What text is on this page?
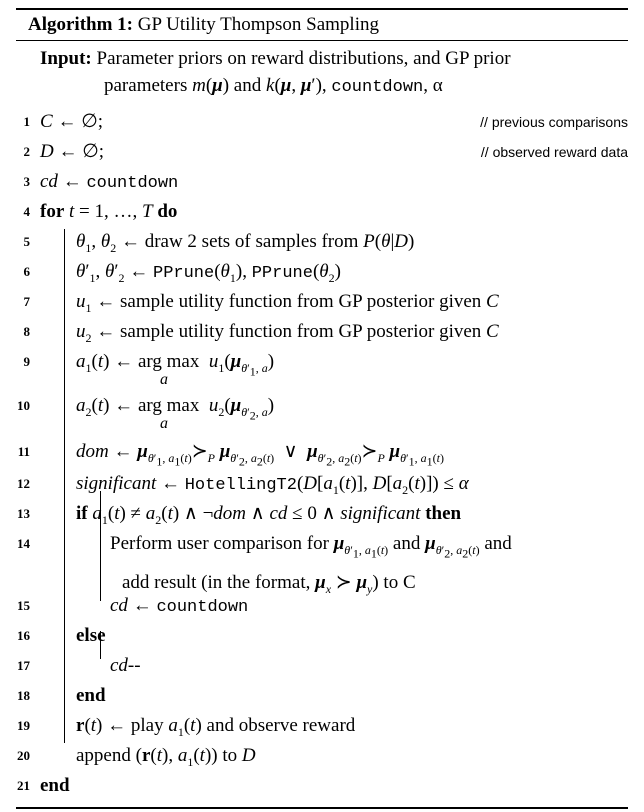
Algorithm 1: GP Utility Thompson Sampling
Input: Parameter priors on reward distributions, and GP prior
parameters m(μ) and k(μ, μ′), countdown, α
1 C ← ∅;	// previous comparisons
2 D ← ∅;	// observed reward data
3 cd ← countdown
4 for t = 1, …, T do
5 $\theta_1$, $\theta_2$ ← draw 2 sets of samples from P(θ|D)
6 $\theta'_1$, $\theta'_2$ ← $PPrune(\theta_1)$, $PPrune(\theta_2)$
7 $u_1$ ← sample utility function from GP posterior given C
8 $u_2$ ← sample utility function from GP posterior given C
9 $a_1(t)$ ← arg max
a
$u_1(\mu_{\theta'_1, a})$
10 $a_2(t)$ ← arg max
a
$u_2(\mu_{\theta'_2, a})$
11 dom ← $\mu_{\theta'_1, a_1(t)}≻_P$ $\mu_{\theta'_2, a_2(t)}$  ∨  $\mu_{\theta'_2, a_2(t)}≻_P$ $\mu_{\theta'_1, a_1(t)}$
12 significant ← $HotellingT2(D[a_1(t)]$, $D[a_2(t)]) \le \alpha$
13 if $a_1(t) \ne a_2(t)$ ∧ ¬dom ∧ cd ≤ 0 ∧ significant then
14	Perform user comparison for $\mu_{\theta'_1, a_1(t)}$ and $\mu_{\theta'_2, a_2(t)}$ and
add result (in the format, $\mu_x$ ≻ $\mu_y$) to C
15	cd ← countdown
16 else
17	cd--
18 end
19 r(t) ← play $a_1(t)$ and observe reward
20 append (r(t), $a_1(t)$) to D
21 end
